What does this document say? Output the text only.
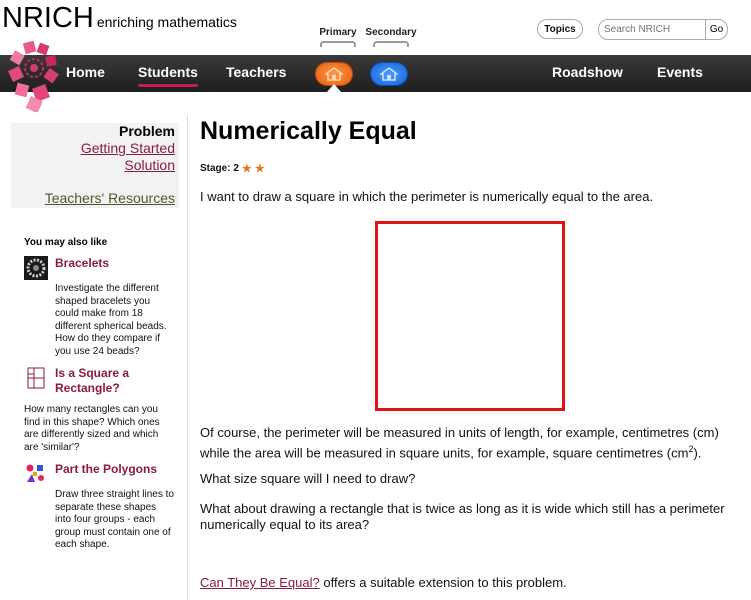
NRICH enriching mathematics
Primary Secondary	Topics
Search NRICH	Go
Home Students Teachers	Roadshow Events
Problem
Getting Started
Solution
Teachers' Resources
You may also like
Bracelets
Investigate the different shaped bracelets you could make from 18 different spherical beads. How do they compare if you use 24 beads?
Is a Square a Rectangle?
How many rectangles can you find in this shape? Which ones are differently sized and which are 'similar'?
Part the Polygons
Draw three straight lines to separate these shapes into four groups - each group must contain one of each shape.
Numerically Equal
Stage: 2 ★ ★
I want to draw a square in which the perimeter is numerically equal to the area.
Of course, the perimeter will be measured in units of length, for example, centimetres (cm) while the area will be measured in square units, for example, square centimetres $(cm^2)$.
What size square will I need to draw?
What about drawing a rectangle that is twice as long as it is wide which still has a perimeter numerically equal to its area?
Can They Be Equal? offers a suitable extension to this problem.
